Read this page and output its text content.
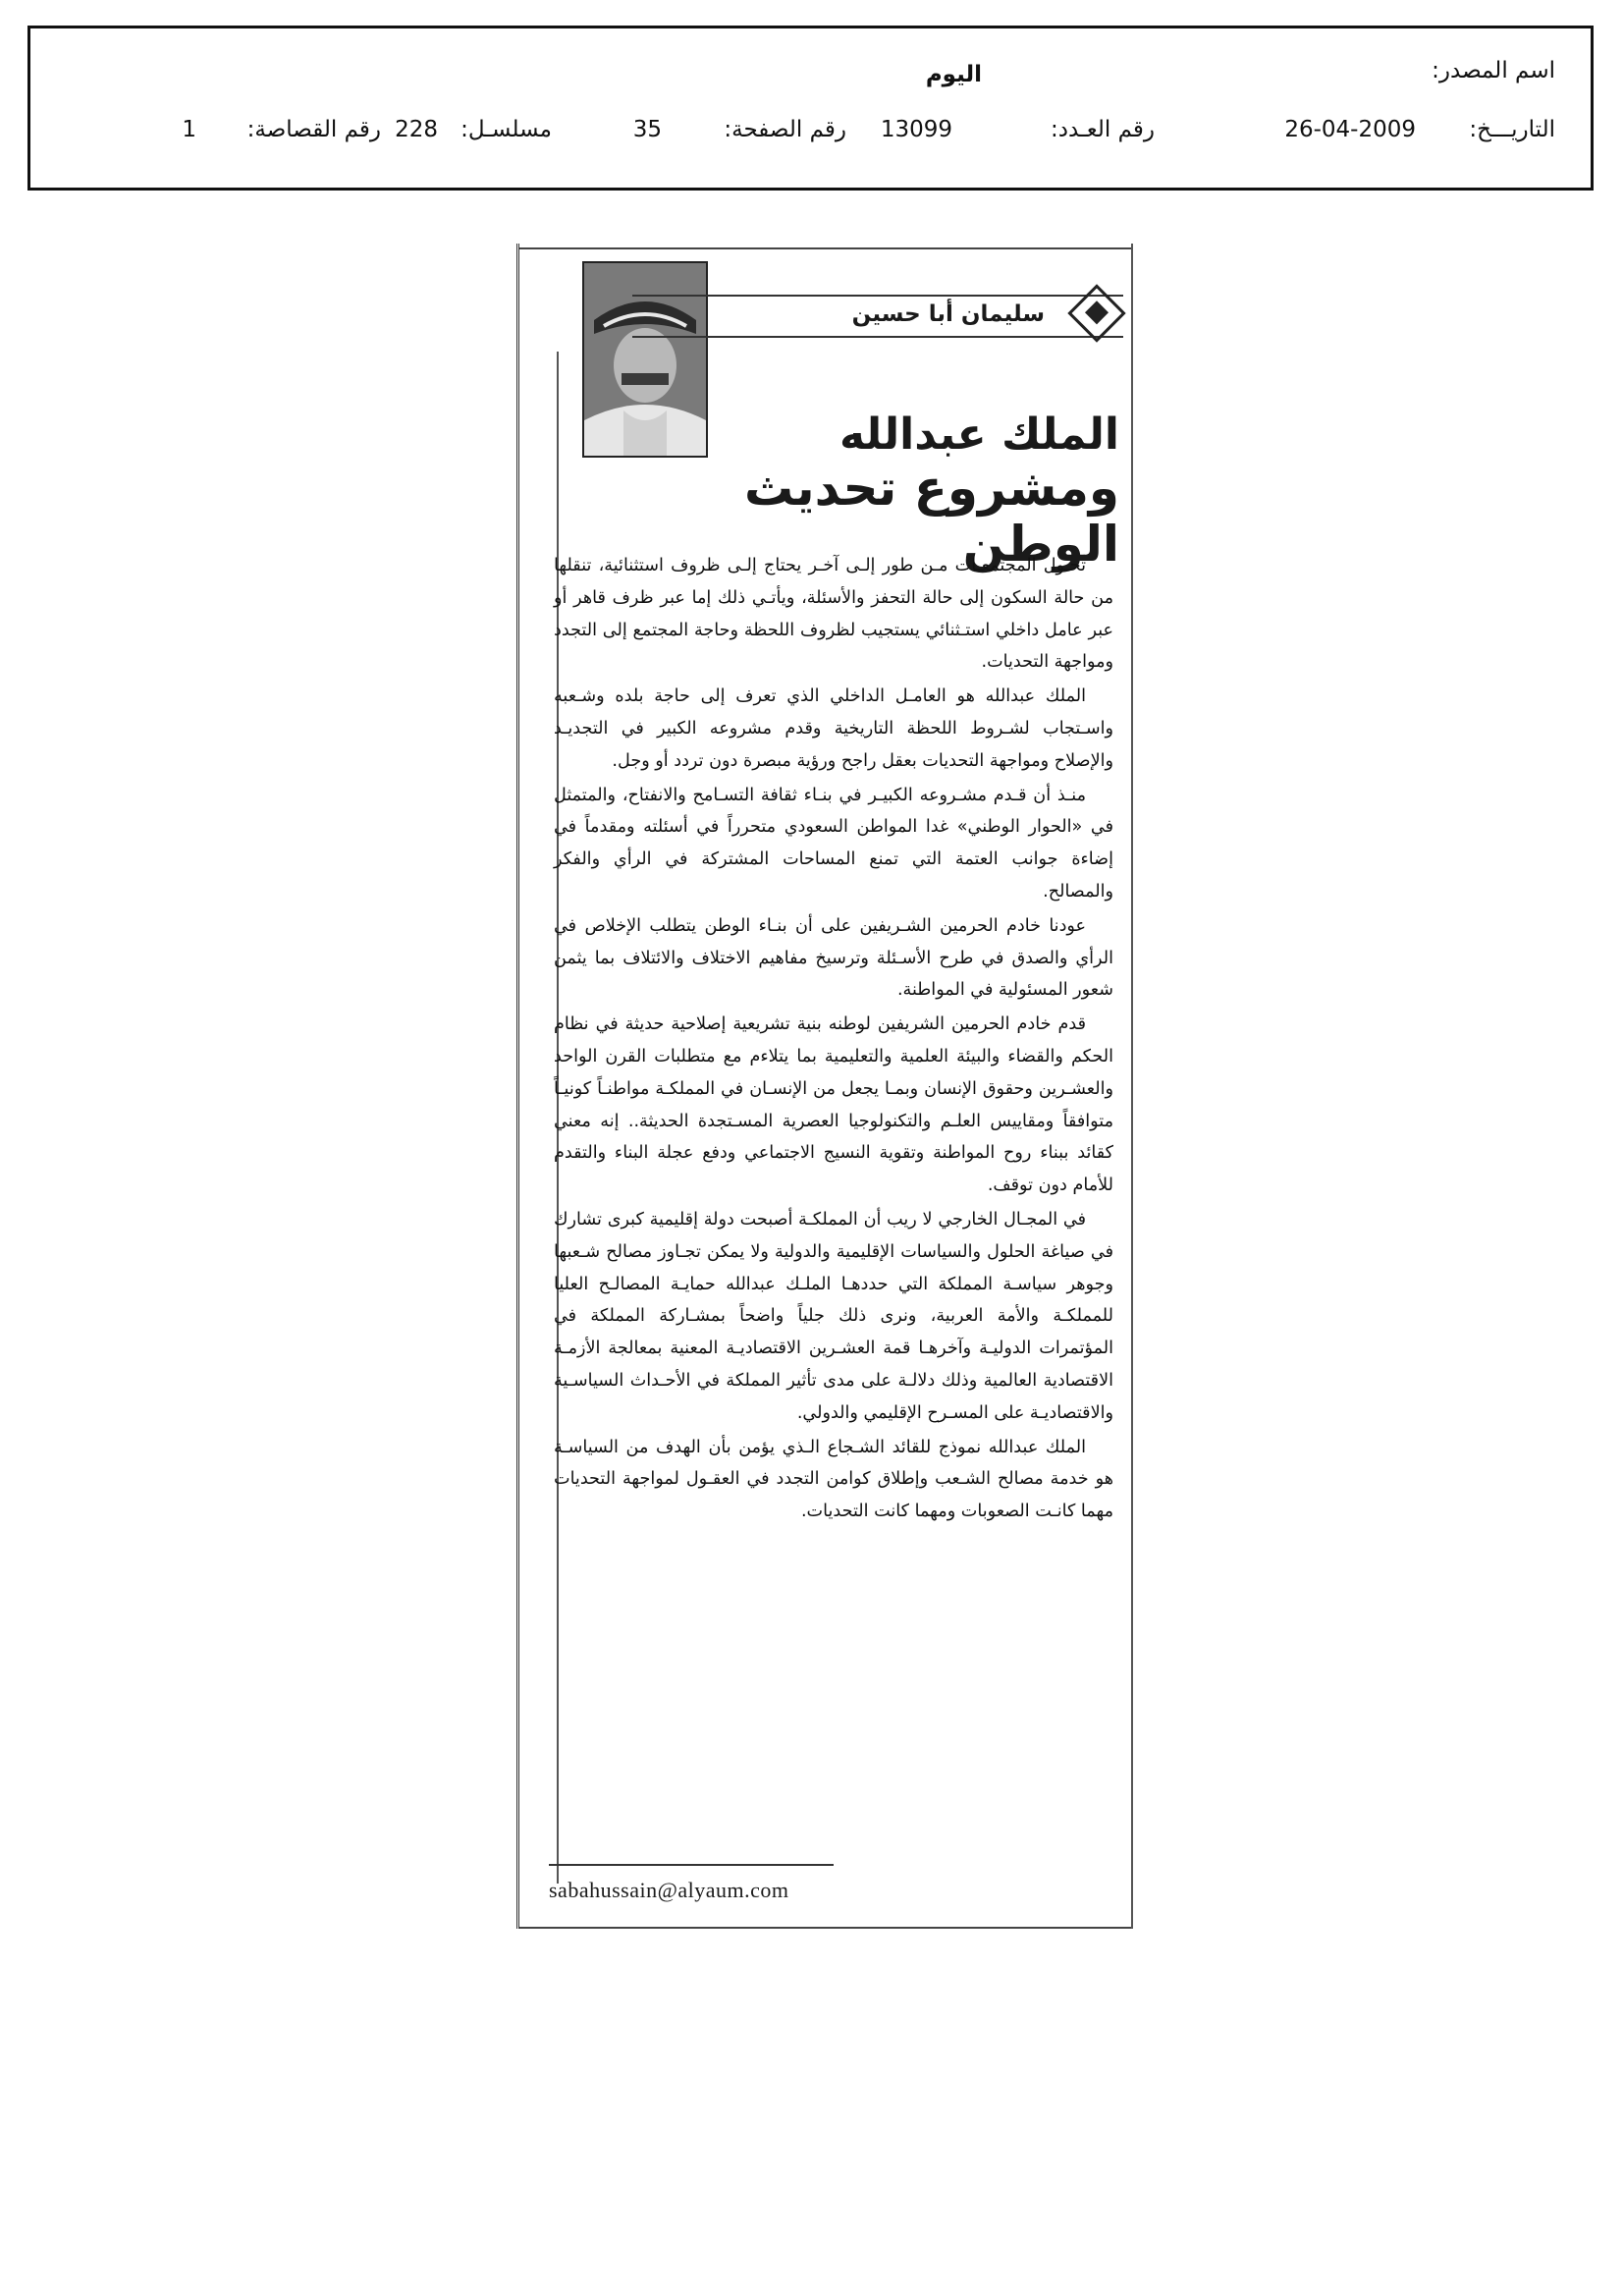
اسم المصدر:
اليوم
التاريـــخ:
26-04-2009
رقم العـدد:
13099
رقم الصفحة:
35
مسلسـل:
228
رقم القصاصة:
1
سليمان أبا حسين
الملك عبدالله
ومشروع تحديث الوطن

تحـول المجتمعـات مـن طور إلـى آخـر يحتاج إلـى ظروف استثنائية، تنقلها من حالة السكون إلى حالة التحفز والأسئلة، ويأتـي ذلك إما عبر ظرف قاهر أو عبر عامل داخلي استـثنائي يستجيب لظروف اللحظة وحاجة المجتمع إلى التجدد ومواجهة التحديات.

الملك عبدالله هو العامـل الداخلي الذي تعرف إلى حاجة بلده وشـعبه واسـتجاب لشـروط اللحظة التاريخية وقدم مشروعه الكبير في التجديـد والإصلاح ومواجهة التحديات بعقل راجح ورؤية مبصرة دون تردد أو وجل.

منـذ أن قـدم مشـروعه الكبيـر في بنـاء ثقافة التسـامح والانفتاح، والمتمثل في «الحوار الوطني» غدا المواطن السعودي متحرراً في أسئلته ومقدماً في إضاءة جوانب العتمة التي تمنع المساحات المشتركة في الرأي والفكر والمصالح.

عودنا خادم الحرمين الشـريفين على أن بنـاء الوطن يتطلب الإخلاص في الرأي والصدق في طرح الأسـئلة وترسيخ مفاهيم الاختلاف والائتلاف بما يثمن شعور المسئولية في المواطنة.

قدم خادم الحرمين الشريفين لوطنه بنية تشريعية إصلاحية حديثة في نظام الحكم والقضاء والبيئة العلمية والتعليمية بما يتلاءم مع متطلبات القرن الواحد والعشـرين وحقوق الإنسان وبمـا يجعل من الإنسـان في المملكـة مواطنـاً كونيـاً متوافقاً ومقاييس العلـم والتكنولوجيا العصرية المسـتجدة الحديثة.. إنه معني كقائد ببناء روح المواطنة وتقوية النسيج الاجتماعي ودفع عجلة البناء والتقدم للأمام دون توقف.

في المجـال الخارجي لا ريب أن المملكـة أصبحت دولة إقليمية كبرى تشارك في صياغة الحلول والسياسات الإقليمية والدولية ولا يمكن تجـاوز مصالح شـعبها وجوهر سياسـة المملكة التي حددهـا الملـك عبدالله حمايـة المصالـح العليا للمملكـة والأمة العربية، ونرى ذلك جلياً واضحاً بمشـاركة المملكة في المؤتمرات الدوليـة وآخرهـا قمة العشـرين الاقتصاديـة المعنية بمعالجة الأزمـة الاقتصادية العالمية وذلك دلالـة على مدى تأثير المملكة في الأحـداث السياسـية والاقتصاديـة على المسـرح الإقليمي والدولي.

الملك عبدالله نموذج للقائد الشـجاع الـذي يؤمن بأن الهدف من السياسـة هو خدمة مصالح الشـعب وإطلاق كوامن التجدد في العقـول لمواجهة التحديات مهما كانـت الصعوبات ومهما كانت التحديات.

sabahussain@alyaum.com
